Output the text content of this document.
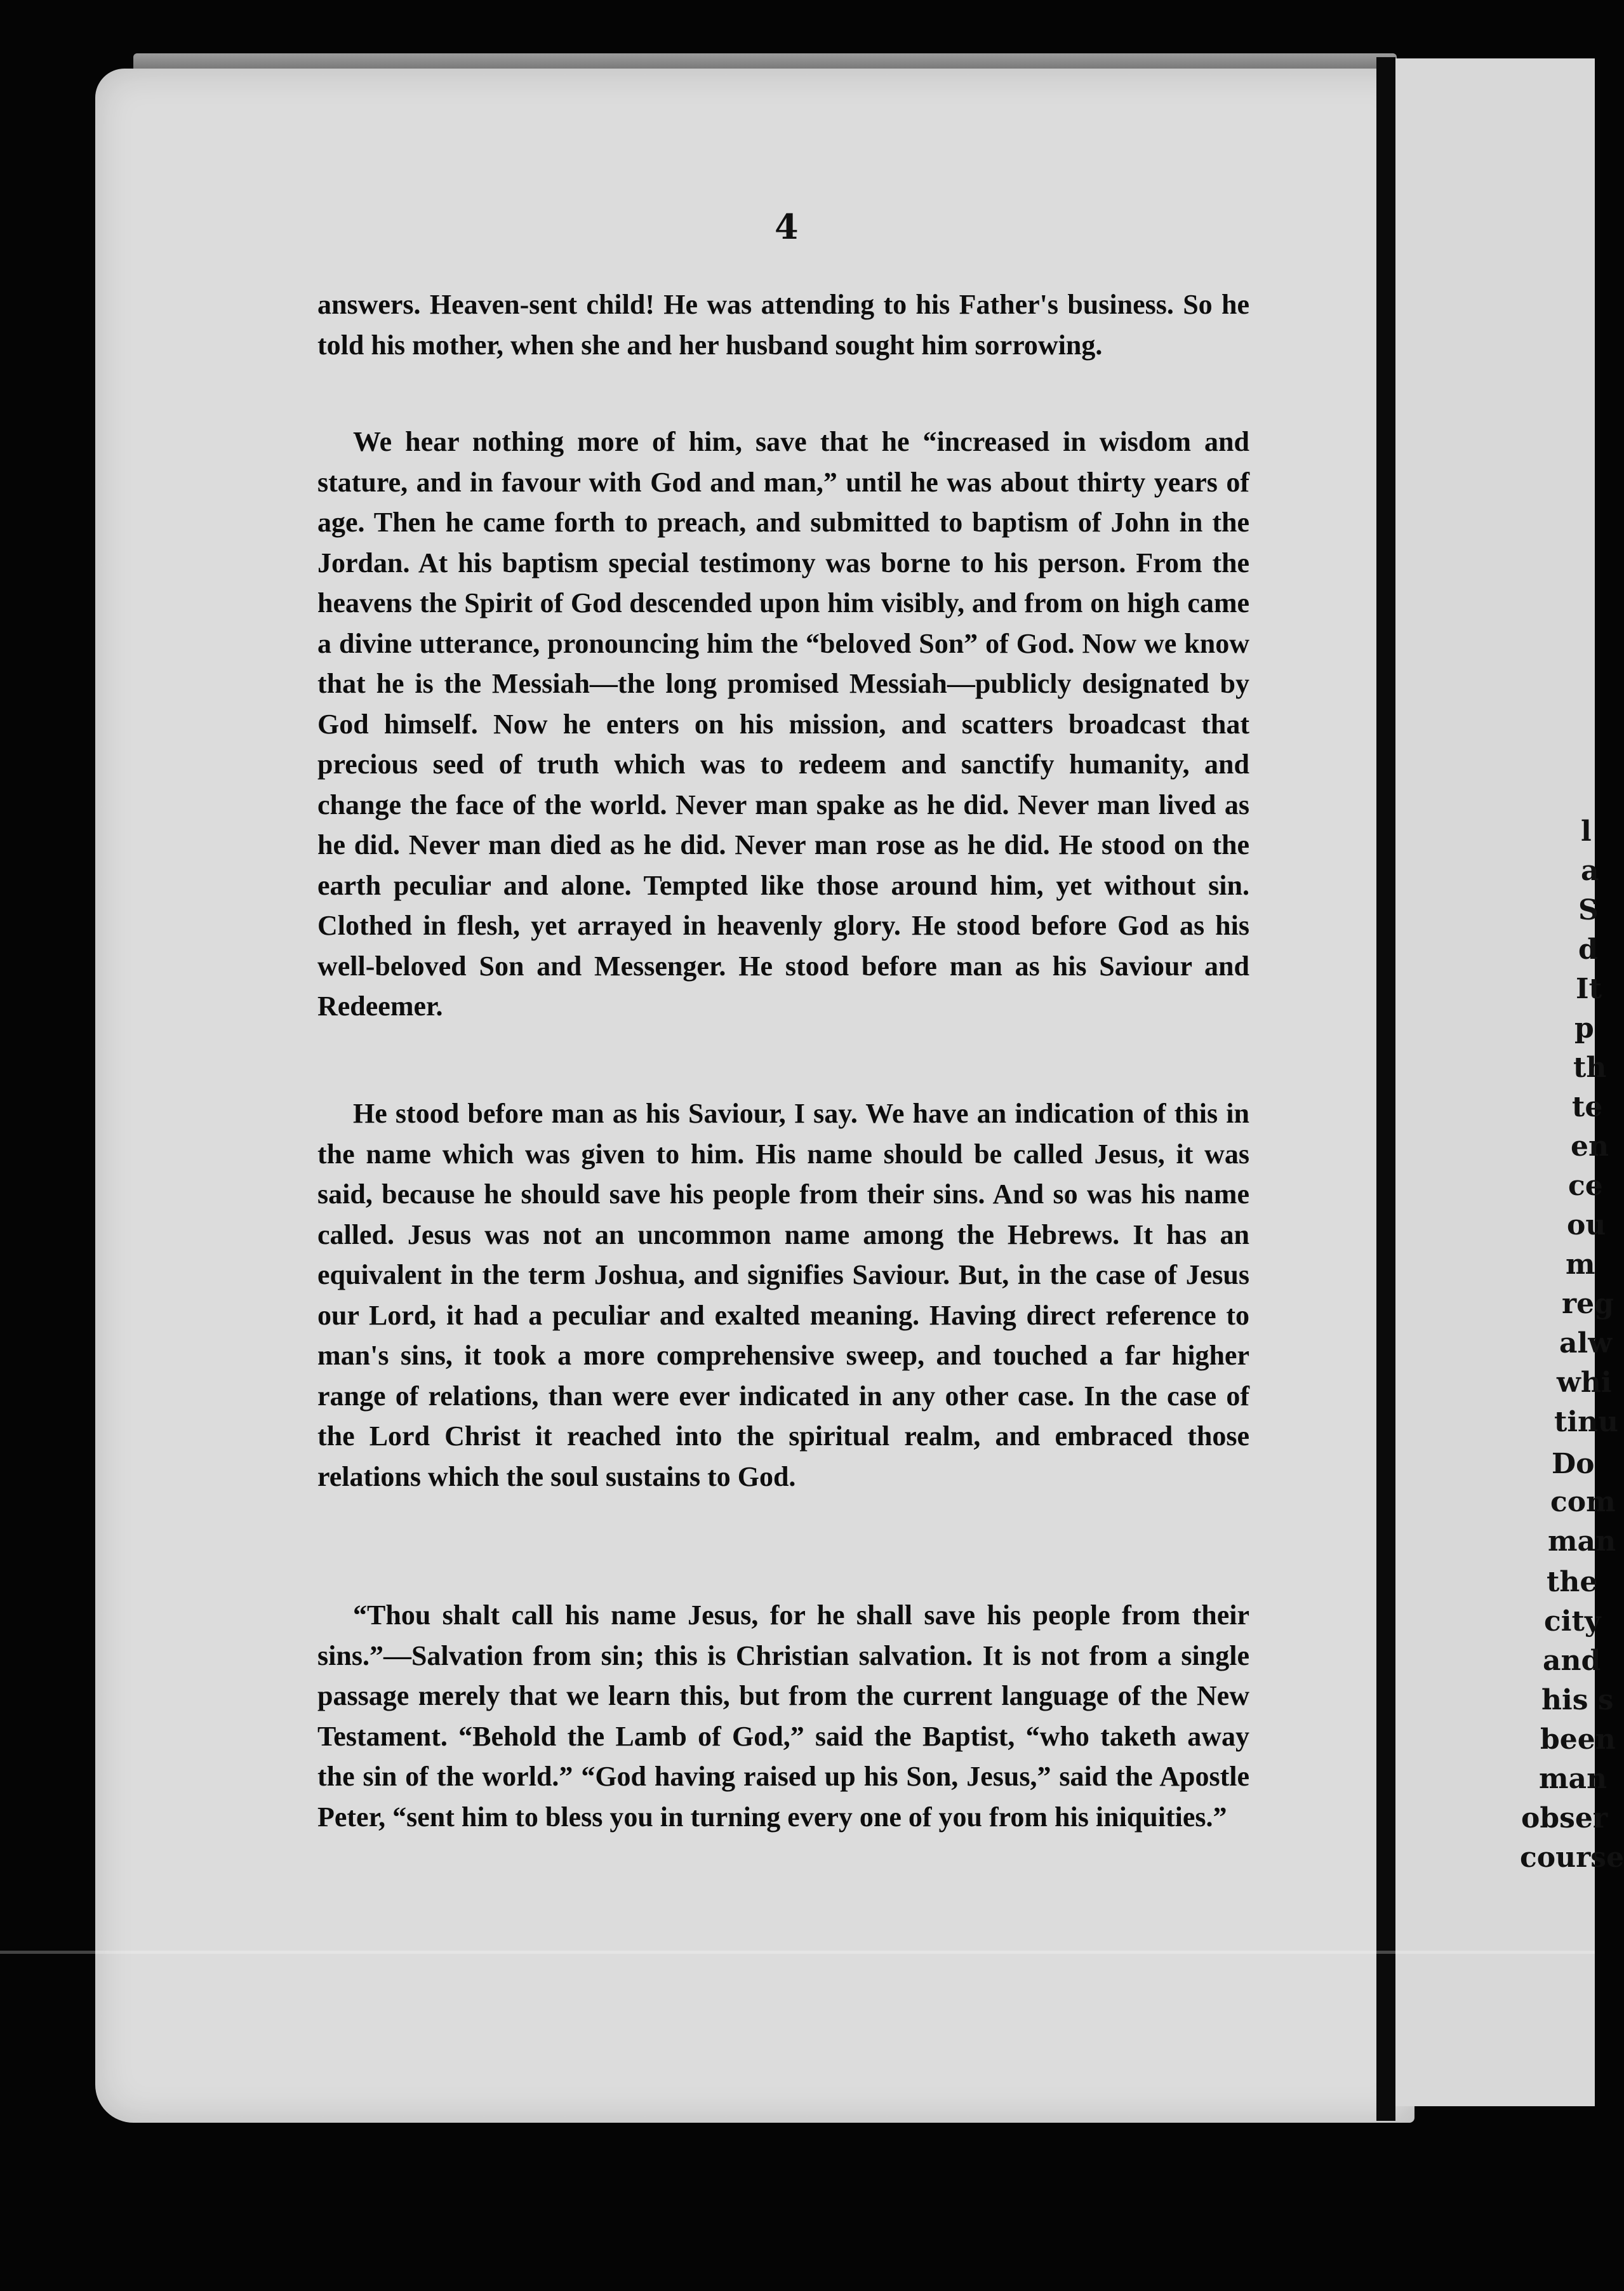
4

answers. Heaven-sent child! He was attending to his Father's business. So he told his mother, when she and her husband sought him sorrowing.

We hear nothing more of him, save that he “increased in wisdom and stature, and in favour with God and man,” until he was about thirty years of age. Then he came forth to preach, and submitted to baptism of John in the Jordan. At his baptism special testimony was borne to his person. From the heavens the Spirit of God descended upon him visibly, and from on high came a divine utterance, pronouncing him the “beloved Son” of God. Now we know that he is the Messiah—the long promised Messiah—publicly designated by God himself. Now he enters on his mission, and scatters broadcast that precious seed of truth which was to redeem and sanctify humanity, and change the face of the world. Never man spake as he did. Never man lived as he did. Never man died as he did. Never man rose as he did. He stood on the earth peculiar and alone. Tempted like those around him, yet without sin. Clothed in flesh, yet arrayed in heavenly glory. He stood before God as his well-beloved Son and Messenger. He stood before man as his Saviour and Redeemer.

He stood before man as his Saviour, I say. We have an indication of this in the name which was given to him. His name should be called Jesus, it was said, because he should save his people from their sins. And so was his name called. Jesus was not an uncommon name among the Hebrews. It has an equivalent in the term Joshua, and signifies Saviour. But, in the case of Jesus our Lord, it had a peculiar and exalted meaning. Having direct reference to man's sins, it took a more comprehensive sweep, and touched a far higher range of relations, than were ever indicated in any other case. In the case of the Lord Christ it reached into the spiritual realm, and embraced those relations which the soul sustains to God.

“Thou shalt call his name Jesus, for he shall save his people from their sins.”—Salvation from sin; this is Christian salvation. It is not from a single passage merely that we learn this, but from the current language of the New Testament. “Behold the Lamb of God,” said the Baptist, “who taketh away the sin of the world.” “God having raised up his Son, Jesus,” said the Apostle Peter, “sent him to bless you in turning every one of you from his iniquities.”

l
a
S
d
It
p
th
te
en
ce
ou
m
reg
alw
whi
tinu
Do
com
man
the
city
and
his s
been
man
obser
course
